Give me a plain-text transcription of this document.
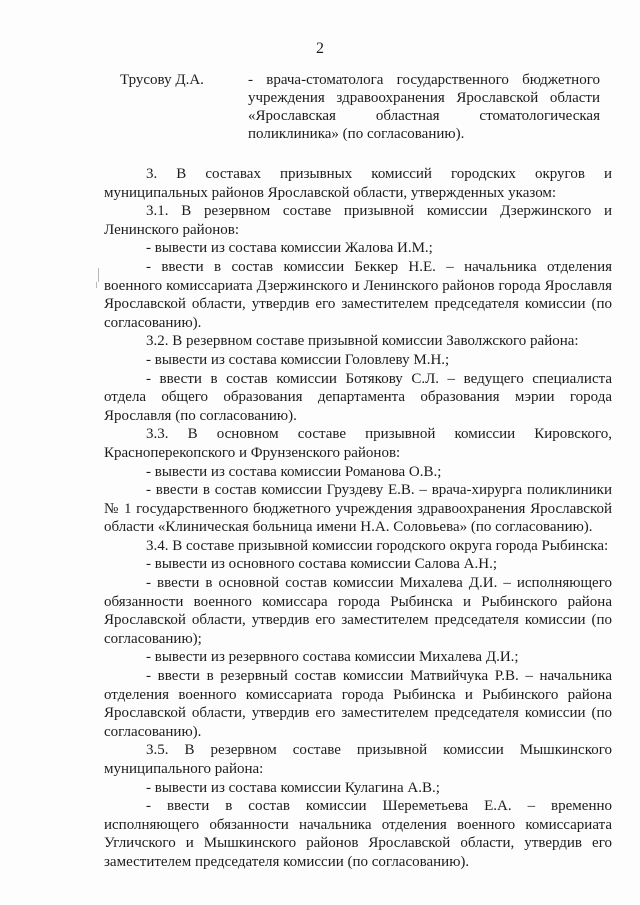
2
Трусову Д.А.	- врача-стоматолога государственного бюджетного учреждения здравоохранения Ярославской области «Ярославская областная стоматологическая поликлиника» (по согласованию).

3. В составах призывных комиссий городских округов и муниципальных районов Ярославской области, утвержденных указом:

3.1. В резервном составе призывной комиссии Дзержинского и Ленинского районов:

- вывести из состава комиссии Жалова И.М.;

- ввести в состав комиссии Беккер Н.Е. – начальника отделения военного комиссариата Дзержинского и Ленинского районов города Ярославля Ярославской области, утвердив его заместителем председателя комиссии (по согласованию).

3.2. В резервном составе призывной комиссии Заволжского района:

- вывести из состава комиссии Головлеву М.Н.;

- ввести в состав комиссии Ботякову С.Л. – ведущего специалиста отдела общего образования департамента образования мэрии города Ярославля (по согласованию).

3.3. В основном составе призывной комиссии Кировского, Красноперекопского и Фрунзенского районов:

- вывести из состава комиссии Романова О.В.;

- ввести в состав комиссии Груздеву Е.В. – врача-хирурга поликлиники № 1 государственного бюджетного учреждения здравоохранения Ярославской области «Клиническая больница имени Н.А. Соловьева» (по согласованию).

3.4. В составе призывной комиссии городского округа города Рыбинска:

- вывести из основного состава комиссии Салова А.Н.;

- ввести в основной состав комиссии Михалева Д.И. – исполняющего обязанности военного комиссара города Рыбинска и Рыбинского района Ярославской области, утвердив его заместителем председателя комиссии (по согласованию);

- вывести из резервного состава комиссии Михалева Д.И.;

- ввести в резервный состав комиссии Матвийчука Р.В. – начальника отделения военного комиссариата города Рыбинска и Рыбинского района Ярославской области, утвердив его заместителем председателя комиссии (по согласованию).

3.5. В резервном составе призывной комиссии Мышкинского муниципального района:

- вывести из состава комиссии Кулагина А.В.;

- ввести в состав комиссии Шереметьева Е.А. – временно исполняющего обязанности начальника отделения военного комиссариата Угличского и Мышкинского районов Ярославской области, утвердив его заместителем председателя комиссии (по согласованию).
